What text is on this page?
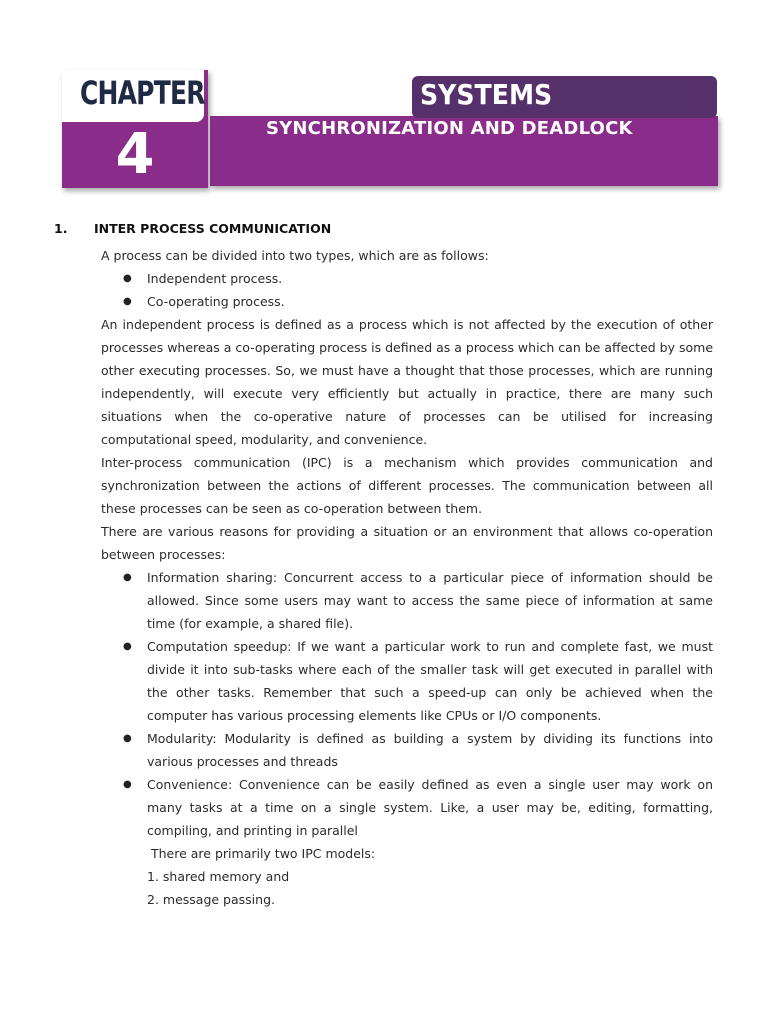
CHAPTER
4
SYSTEMS
SYNCHRONIZATION AND DEADLOCK
1. INTER PROCESS COMMUNICATION

A process can be divided into two types, which are as follows:

● Independent process.
● Co-operating process.

An independent process is defined as a process which is not affected by the execution of other processes whereas a co-operating process is defined as a process which can be affected by some other executing processes. So, we must have a thought that those processes, which are running independently, will execute very efficiently but actually in practice, there are many such situations when the co-operative nature of processes can be utilised for increasing computational speed, modularity, and convenience.

Inter-process communication (IPC) is a mechanism which provides communication and synchronization between the actions of different processes. The communication between all these processes can be seen as co-operation between them.

There are various reasons for providing a situation or an environment that allows co-operation between processes:

● Information sharing: Concurrent access to a particular piece of information should be allowed. Since some users may want to access the same piece of information at same time (for example, a shared file).
● Computation speedup: If we want a particular work to run and complete fast, we must divide it into sub-tasks where each of the smaller task will get executed in parallel with the other tasks. Remember that such a speed-up can only be achieved when the computer has various processing elements like CPUs or I/O components.
● Modularity: Modularity is defined as building a system by dividing its functions into various processes and threads
● Convenience: Convenience can be easily defined as even a single user may work on many tasks at a time on a single system. Like, a user may be, editing, formatting, compiling, and printing in parallel
There are primarily two IPC models:
1. shared memory and
2. message passing.
